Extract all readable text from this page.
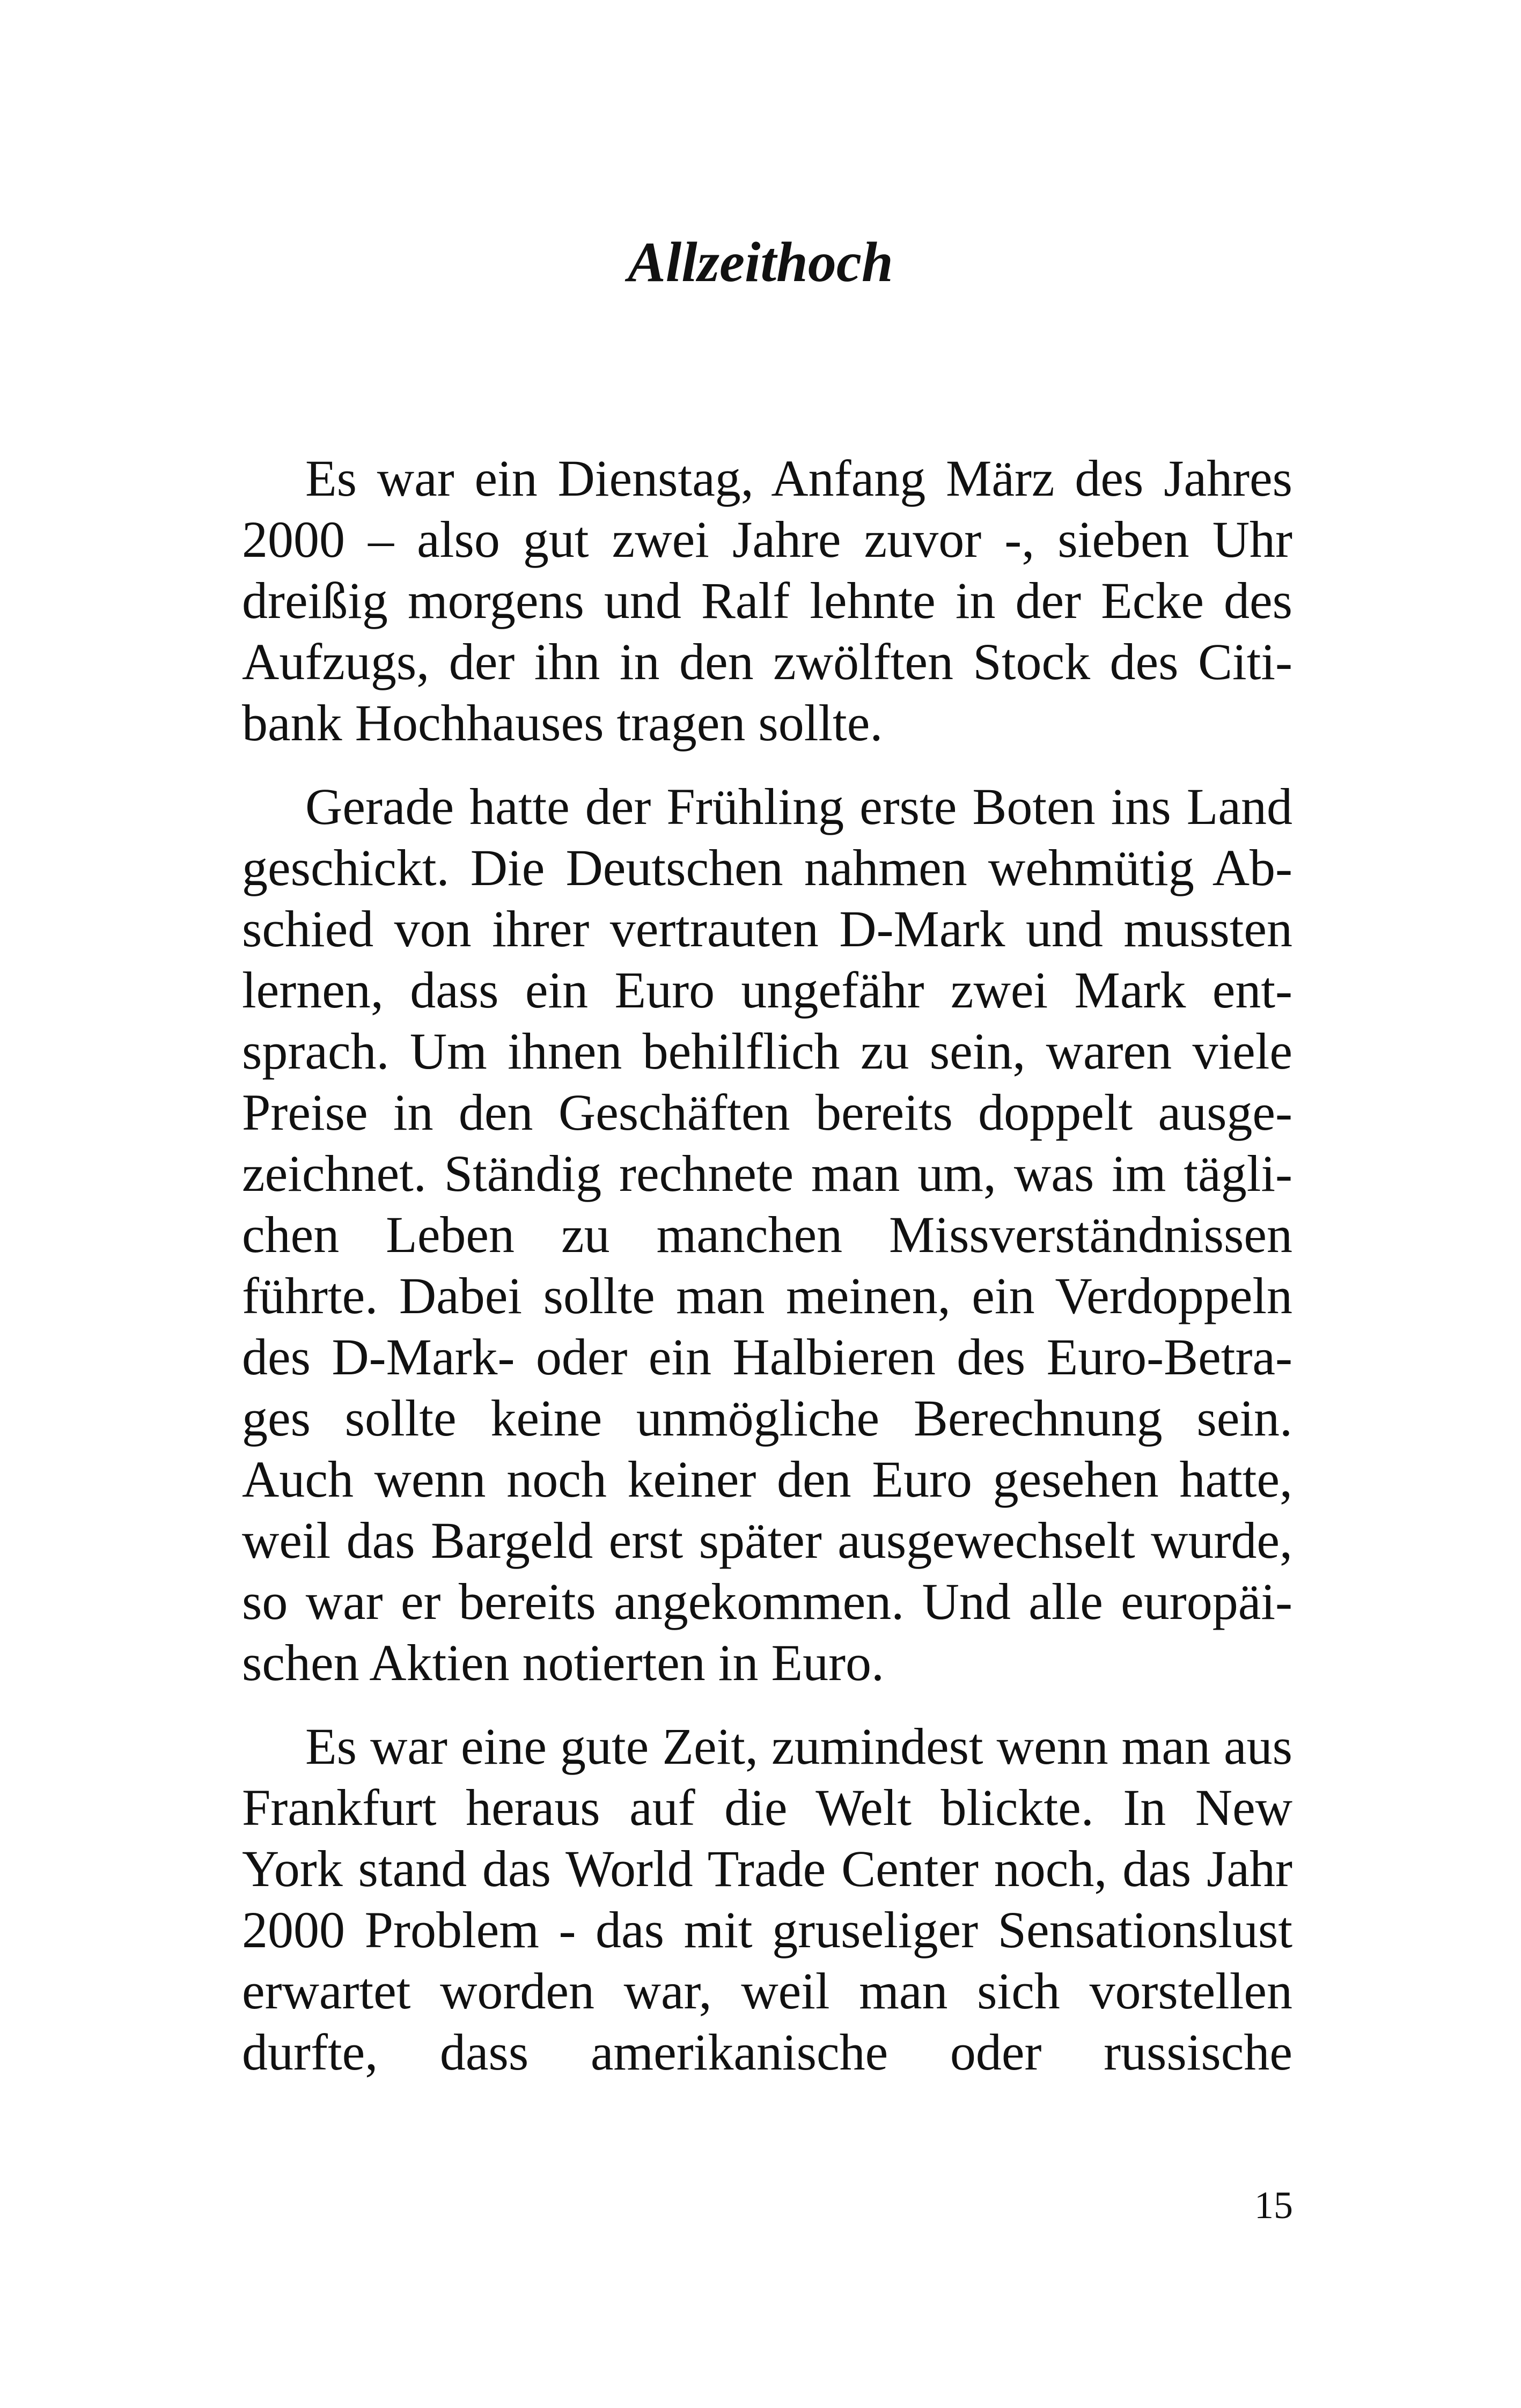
Allzeithoch

Es war ein Dienstag, Anfang März des Jahres
2000 – also gut zwei Jahre zuvor -, sieben Uhr
dreißig morgens und Ralf lehnte in der Ecke des
Aufzugs, der ihn in den zwölften Stock des Citi-
bank Hochhauses tragen sollte.

Gerade hatte der Frühling erste Boten ins Land
geschickt. Die Deutschen nahmen wehmütig Ab-
schied von ihrer vertrauten D-Mark und mussten
lernen, dass ein Euro ungefähr zwei Mark ent-
sprach. Um ihnen behilflich zu sein, waren viele
Preise in den Geschäften bereits doppelt ausge-
zeichnet. Ständig rechnete man um, was im tägli-
chen Leben zu manchen Missverständnissen
führte. Dabei sollte man meinen, ein Verdoppeln
des D-Mark- oder ein Halbieren des Euro-Betra-
ges sollte keine unmögliche Berechnung sein.
Auch wenn noch keiner den Euro gesehen hatte,
weil das Bargeld erst später ausgewechselt wurde,
so war er bereits angekommen. Und alle europäi-
schen Aktien notierten in Euro.

Es war eine gute Zeit, zumindest wenn man aus
Frankfurt heraus auf die Welt blickte. In New
York stand das World Trade Center noch, das Jahr
2000 Problem - das mit gruseliger Sensationslust
erwartet worden war, weil man sich vorstellen
durfte, dass amerikanische oder russische

15
